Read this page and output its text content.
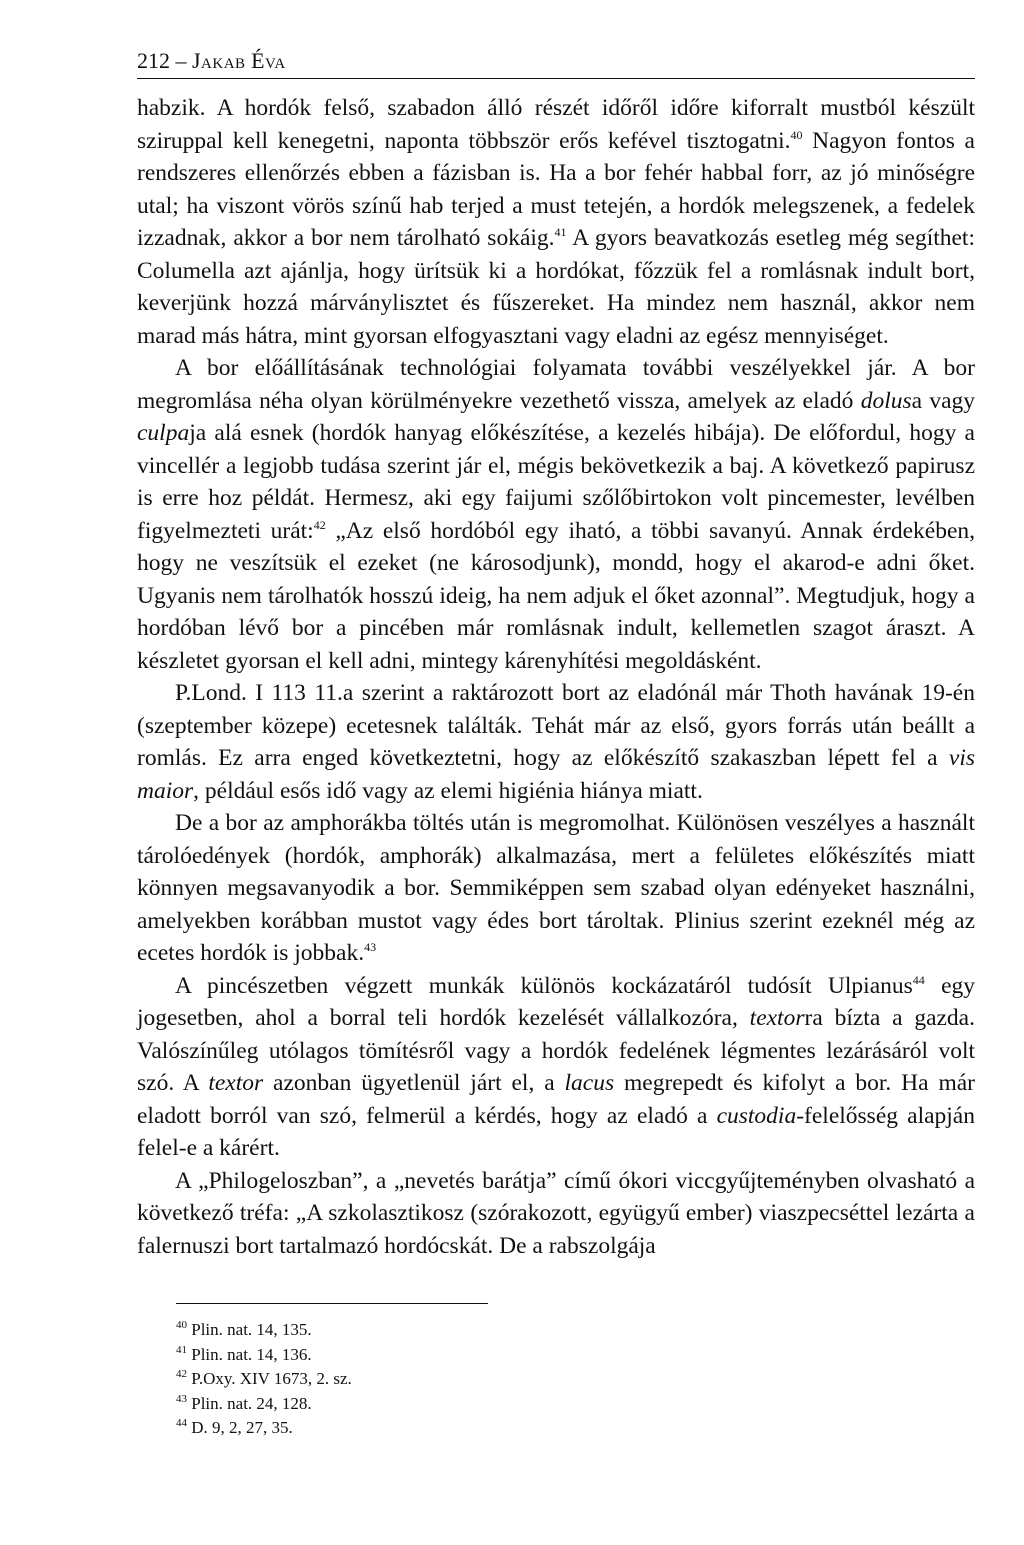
212 – Jakab Éva

habzik. A hordók felső, szabadon álló részét időről időre kiforralt mustból készült sziruppal kell kenegetni, naponta többször erős kefével tisztogatni.$^{40}$ Nagyon fontos a rendszeres ellenőrzés ebben a fázisban is. Ha a bor fehér habbal forr, az jó minőségre utal; ha viszont vörös színű hab terjed a must tetején, a hordók melegszenek, a fedelek izzadnak, akkor a bor nem tárolható sokáig.$^{41}$ A gyors beavatkozás esetleg még segíthet: Columella azt ajánlja, hogy ürítsük ki a hordókat, főzzük fel a romlásnak indult bort, keverjünk hozzá márványlisztet és fűszereket. Ha mindez nem használ, akkor nem marad más hátra, mint gyorsan elfogyasztani vagy eladni az egész mennyiséget.

A bor előállításának technológiai folyamata további veszélyekkel jár. A bor megromlása néha olyan körülményekre vezethető vissza, amelyek az eladó dolusa vagy culpaja alá esnek (hordók hanyag előkészítése, a kezelés hibája). De előfordul, hogy a vincellér a legjobb tudása szerint jár el, mégis bekövetkezik a baj. A következő papirusz is erre hoz példát. Hermesz, aki egy faijumi szőlőbirtokon volt pincemester, levélben figyelmezteti urát:$^{42}$ „Az első hordóból egy iható, a többi savanyú. Annak érdekében, hogy ne veszítsük el ezeket (ne károsodjunk), mondd, hogy el akarod-e adni őket. Ugyanis nem tárolhatók hosszú ideig, ha nem adjuk el őket azonnal”. Megtudjuk, hogy a hordóban lévő bor a pincében már romlásnak indult, kellemetlen szagot áraszt. A készletet gyorsan el kell adni, mintegy kárenyhítési megoldásként.

P.Lond. I 113 11.a szerint a raktározott bort az eladónál már Thoth havának 19-én (szeptember közepe) ecetesnek találták. Tehát már az első, gyors forrás után beállt a romlás. Ez arra enged következtetni, hogy az előkészítő szakaszban lépett fel a vis maior, például esős idő vagy az elemi higiénia hiánya miatt.

De a bor az amphorákba töltés után is megromolhat. Különösen veszélyes a használt tárolóedények (hordók, amphorák) alkalmazása, mert a felületes előkészítés miatt könnyen megsavanyodik a bor. Semmiképpen sem szabad olyan edényeket használni, amelyekben korábban mustot vagy édes bort tároltak. Plinius szerint ezeknél még az ecetes hordók is jobbak.$^{43}$

A pincészetben végzett munkák különös kockázatáról tudósít Ulpianus$^{44}$ egy jogesetben, ahol a borral teli hordók kezelését vállalkozóra, textorra bízta a gazda. Valószínűleg utólagos tömítésről vagy a hordók fedelének légmentes lezárásáról volt szó. A textor azonban ügyetlenül járt el, a lacus megrepedt és kifolyt a bor. Ha már eladott borról van szó, felmerül a kérdés, hogy az eladó a custodia-felelősség alapján felel-e a kárért.

A „Philogeloszban”, a „nevetés barátja” című ókori viccgyűjteményben olvasható a következő tréfa: „A szkolasztikosz (szórakozott, együgyű ember) viaszpecséttel lezárta a falernuszi bort tartalmazó hordócskát. De a rabszolgája

$^{40}$ Plin. nat. 14, 135.
$^{41}$ Plin. nat. 14, 136.
$^{42}$ P.Oxy. XIV 1673, 2. sz.
$^{43}$ Plin. nat. 24, 128.
$^{44}$ D. 9, 2, 27, 35.
